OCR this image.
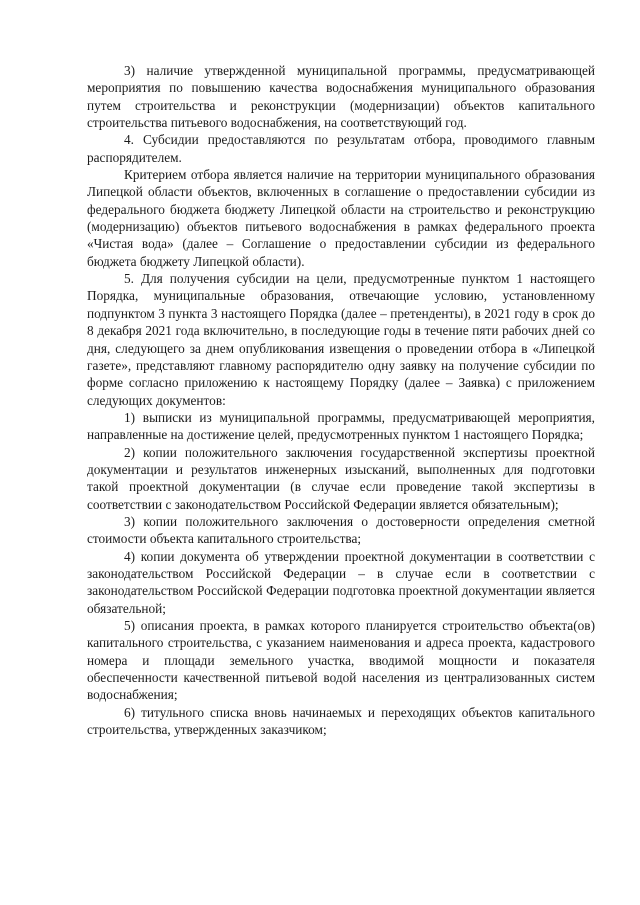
3) наличие утвержденной муниципальной программы, предусматривающей мероприятия по повышению качества водоснабжения муниципального образования путем строительства и реконструкции (модернизации) объектов капитального строительства питьевого водоснабжения, на соответствующий год.

4. Субсидии предоставляются по результатам отбора, проводимого главным распорядителем.

Критерием отбора является наличие на территории муниципального образования Липецкой области объектов, включенных в соглашение о предоставлении субсидии из федерального бюджета бюджету Липецкой области на строительство и реконструкцию (модернизацию) объектов питьевого водоснабжения в рамках федерального проекта «Чистая вода» (далее – Соглашение о предоставлении субсидии из федерального бюджета бюджету Липецкой области).

5. Для получения субсидии на цели, предусмотренные пунктом 1 настоящего Порядка, муниципальные образования, отвечающие условию, установленному подпунктом 3 пункта 3 настоящего Порядка (далее – претенденты), в 2021 году в срок до 8 декабря 2021 года включительно, в последующие годы в течение пяти рабочих дней со дня, следующего за днем опубликования извещения о проведении отбора в «Липецкой газете», представляют главному распорядителю одну заявку на получение субсидии по форме согласно приложению к настоящему Порядку (далее – Заявка) с приложением следующих документов:

1) выписки из муниципальной программы, предусматривающей мероприятия, направленные на достижение целей, предусмотренных пунктом 1 настоящего Порядка;

2) копии положительного заключения государственной экспертизы проектной документации и результатов инженерных изысканий, выполненных для подготовки такой проектной документации (в случае если проведение такой экспертизы в соответствии с законодательством Российской Федерации является обязательным);

3) копии положительного заключения о достоверности определения сметной стоимости объекта капитального строительства;

4) копии документа об утверждении проектной документации в соответствии с законодательством Российской Федерации – в случае если в соответствии с законодательством Российской Федерации подготовка проектной документации является обязательной;

5) описания проекта, в рамках которого планируется строительство объекта(ов) капитального строительства, с указанием наименования и адреса проекта, кадастрового номера и площади земельного участка, вводимой мощности и показателя обеспеченности качественной питьевой водой населения из централизованных систем водоснабжения;

6) титульного списка вновь начинаемых и переходящих объектов капитального строительства, утвержденных заказчиком;
